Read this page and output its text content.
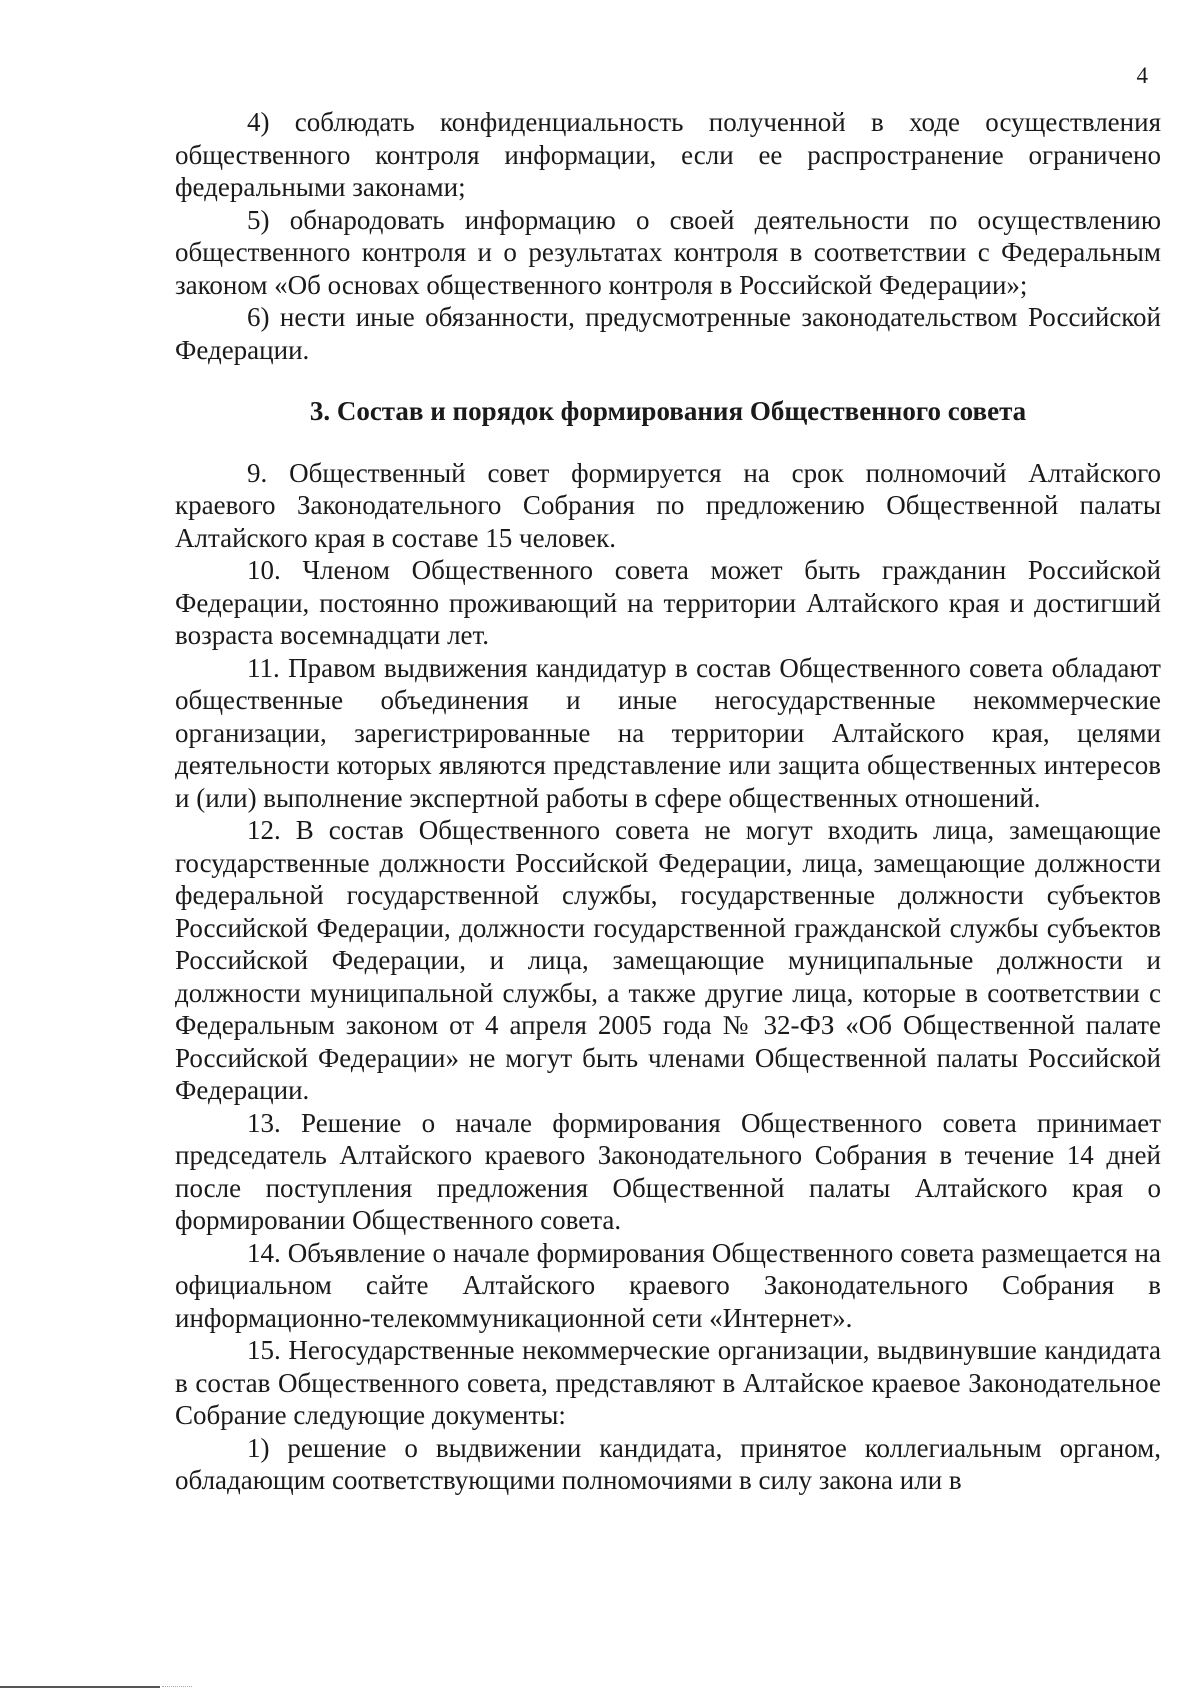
4

4) соблюдать конфиденциальность полученной в ходе осуществления общественного контроля информации, если ее распространение ограничено федеральными законами;

5) обнародовать информацию о своей деятельности по осуществлению общественного контроля и о результатах контроля в соответствии с Федеральным законом «Об основах общественного контроля в Российской Федерации»;

6) нести иные обязанности, предусмотренные законодательством Российской Федерации.

3. Состав и порядок формирования Общественного совета

9. Общественный совет формируется на срок полномочий Алтайского краевого Законодательного Собрания по предложению Общественной палаты Алтайского края в составе 15 человек.

10. Членом Общественного совета может быть гражданин Российской Федерации, постоянно проживающий на территории Алтайского края и достигший возраста восемнадцати лет.

11. Правом выдвижения кандидатур в состав Общественного совета обладают общественные объединения и иные негосударственные некоммерческие организации, зарегистрированные на территории Алтайского края, целями деятельности которых являются представление или защита общественных интересов и (или) выполнение экспертной работы в сфере общественных отношений.

12. В состав Общественного совета не могут входить лица, замещающие государственные должности Российской Федерации, лица, замещающие должности федеральной государственной службы, государственные должности субъектов Российской Федерации, должности государственной гражданской службы субъектов Российской Федерации, и лица, замещающие муниципальные должности и должности муниципальной службы, а также другие лица, которые в соответствии с Федеральным законом от 4 апреля 2005 года № 32-ФЗ «Об Общественной палате Российской Федерации» не могут быть членами Общественной палаты Российской Федерации.

13. Решение о начале формирования Общественного совета принимает председатель Алтайского краевого Законодательного Собрания в течение 14 дней после поступления предложения Общественной палаты Алтайского края о формировании Общественного совета.

14. Объявление о начале формирования Общественного совета размещается на официальном сайте Алтайского краевого Законодательного Собрания в информационно-телекоммуникационной сети «Интернет».

15. Негосударственные некоммерческие организации, выдвинувшие кандидата в состав Общественного совета, представляют в Алтайское краевое Законодательное Собрание следующие документы:

1) решение о выдвижении кандидата, принятое коллегиальным органом, обладающим соответствующими полномочиями в силу закона или в
